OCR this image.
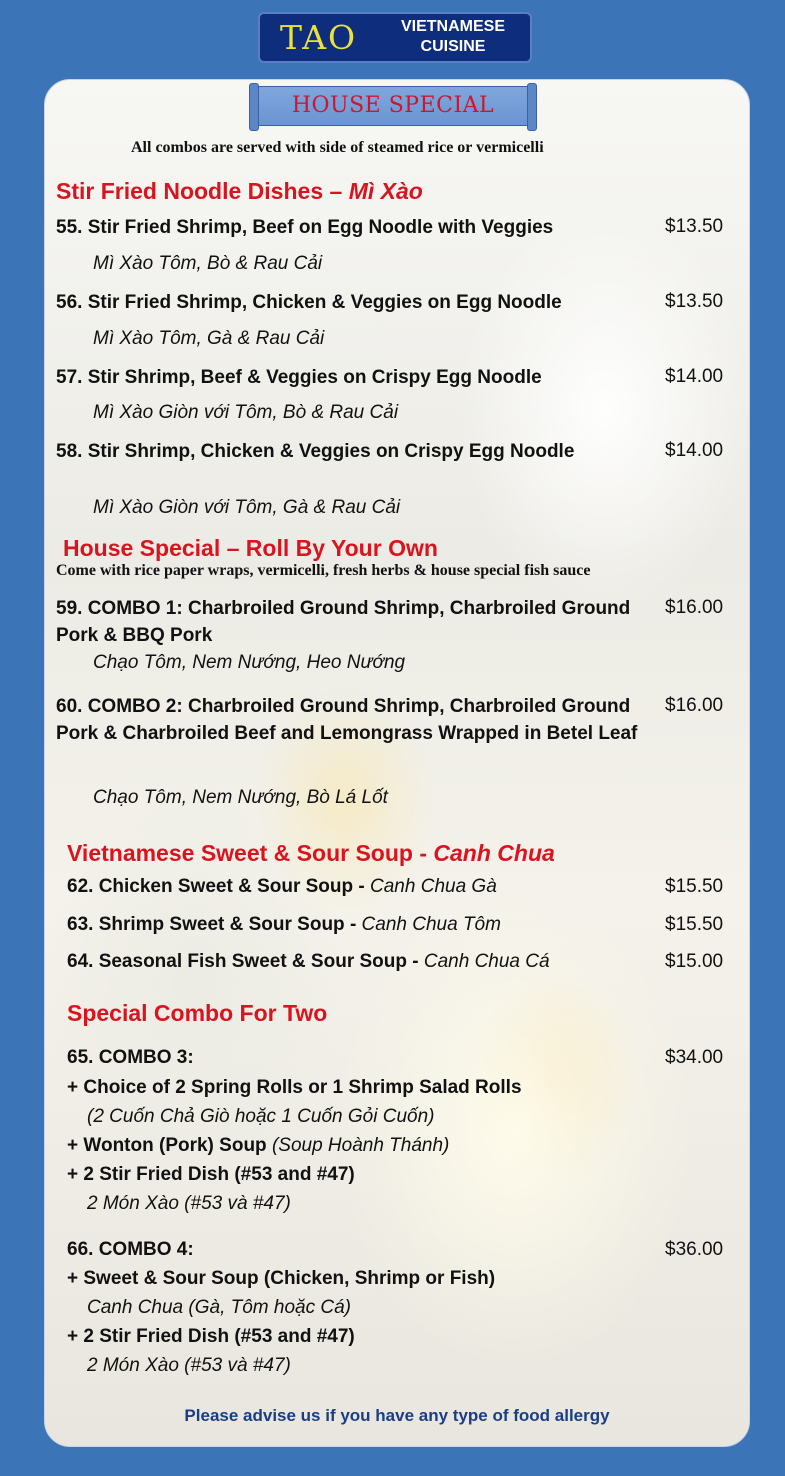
TAO	VIETNAMESE
CUISINE
HOUSE SPECIAL
All combos are served with side of steamed rice or vermicelli
Stir Fried Noodle Dishes – Mì Xào
55. Stir Fried Shrimp, Beef on Egg Noodle with Veggies	$13.50
Mì Xào Tôm, Bò & Rau Cải
56. Stir Fried Shrimp, Chicken & Veggies on Egg Noodle	$13.50
Mì Xào Tôm, Gà & Rau Cải
57. Stir Shrimp, Beef & Veggies on Crispy Egg Noodle	$14.00
Mì Xào Giòn với Tôm, Bò & Rau Cải
58. Stir Shrimp, Chicken & Veggies on Crispy Egg Noodle	$14.00
Mì Xào Giòn với Tôm, Gà & Rau Cải
House Special – Roll By Your Own
Come with rice paper wraps, vermicelli, fresh herbs & house special fish sauce
59. COMBO 1: Charbroiled Ground Shrimp, Charbroiled Ground Pork & BBQ Pork
$16.00
Chạo Tôm, Nem Nướng, Heo Nướng
60. COMBO 2: Charbroiled Ground Shrimp, Charbroiled Ground Pork & Charbroiled Beef and Lemongrass Wrapped in Betel Leaf
$16.00
Chạo Tôm, Nem Nướng, Bò Lá Lốt
Vietnamese Sweet & Sour Soup - Canh Chua
62. Chicken Sweet & Sour Soup - Canh Chua Gà	$15.50
63. Shrimp Sweet & Sour Soup - Canh Chua Tôm	$15.50
64. Seasonal Fish Sweet & Sour Soup - Canh Chua Cá	$15.00
Special Combo For Two
65. COMBO 3:	$34.00
+ Choice of 2 Spring Rolls or 1 Shrimp Salad Rolls
(2 Cuốn Chả Giò hoặc 1 Cuốn Gỏi Cuốn)
+ Wonton (Pork) Soup (Soup Hoành Thánh)
+ 2 Stir Fried Dish (#53 and #47)
2 Món Xào (#53 và #47)
66. COMBO 4:	$36.00
+ Sweet & Sour Soup (Chicken, Shrimp or Fish)
Canh Chua (Gà, Tôm hoặc Cá)
+ 2 Stir Fried Dish (#53 and #47)
2 Món Xào (#53 và #47)
Please advise us if you have any type of food allergy
